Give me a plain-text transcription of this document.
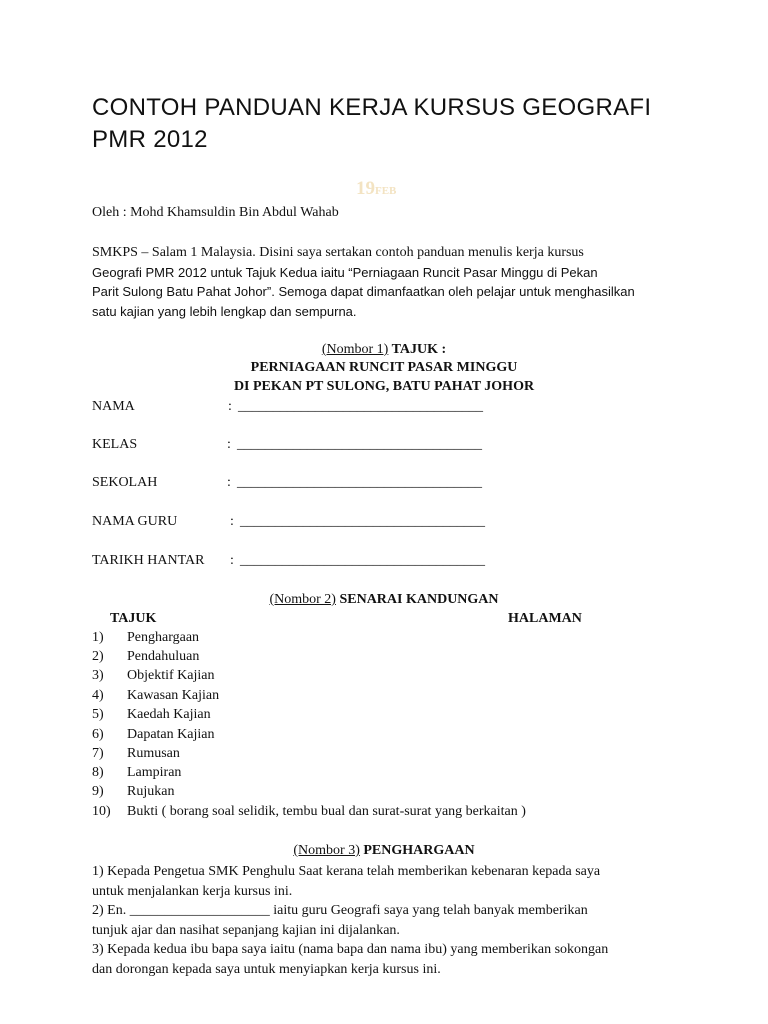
CONTOH PANDUAN KERJA KURSUS GEOGRAFI
PMR 2012
19FEB
Oleh : Mohd Khamsuldin Bin Abdul Wahab
SMKPS – Salam 1 Malaysia. Disini saya sertakan contoh panduan menulis kerja kursus
Geografi PMR 2012 untuk Tajuk Kedua iaitu “Perniagaan Runcit Pasar Minggu di Pekan
Parit Sulong Batu Pahat Johor”. Semoga dapat dimanfaatkan oleh pelajar untuk menghasilkan
satu kajian yang lebih lengkap dan sempurna.
(Nombor 1) TAJUK :
PERNIAGAAN RUNCIT PASAR MINGGU
DI PEKAN PT SULONG, BATU PAHAT JOHOR
NAMA	: ___________________________________
KELAS	: ___________________________________
SEKOLAH	: ___________________________________
NAMA GURU	: ___________________________________
TARIKH HANTAR : ___________________________________
(Nombor 2) SENARAI KANDUNGAN
TAJUK	HALAMAN
1) Penghargaan
2) Pendahuluan
3) Objektif Kajian
4) Kawasan Kajian
5) Kaedah Kajian
6) Dapatan Kajian
7) Rumusan
8) Lampiran
9) Rujukan
10) Bukti ( borang soal selidik, tembu bual dan surat-surat yang berkaitan )
(Nombor 3) PENGHARGAAN
1) Kepada Pengetua SMK Penghulu Saat kerana telah memberikan kebenaran kepada saya
untuk menjalankan kerja kursus ini.
2) En. ____________________ iaitu guru Geografi saya yang telah banyak memberikan
tunjuk ajar dan nasihat sepanjang kajian ini dijalankan.
3) Kepada kedua ibu bapa saya iaitu (nama bapa dan nama ibu) yang memberikan sokongan
dan dorongan kepada saya untuk menyiapkan kerja kursus ini.
